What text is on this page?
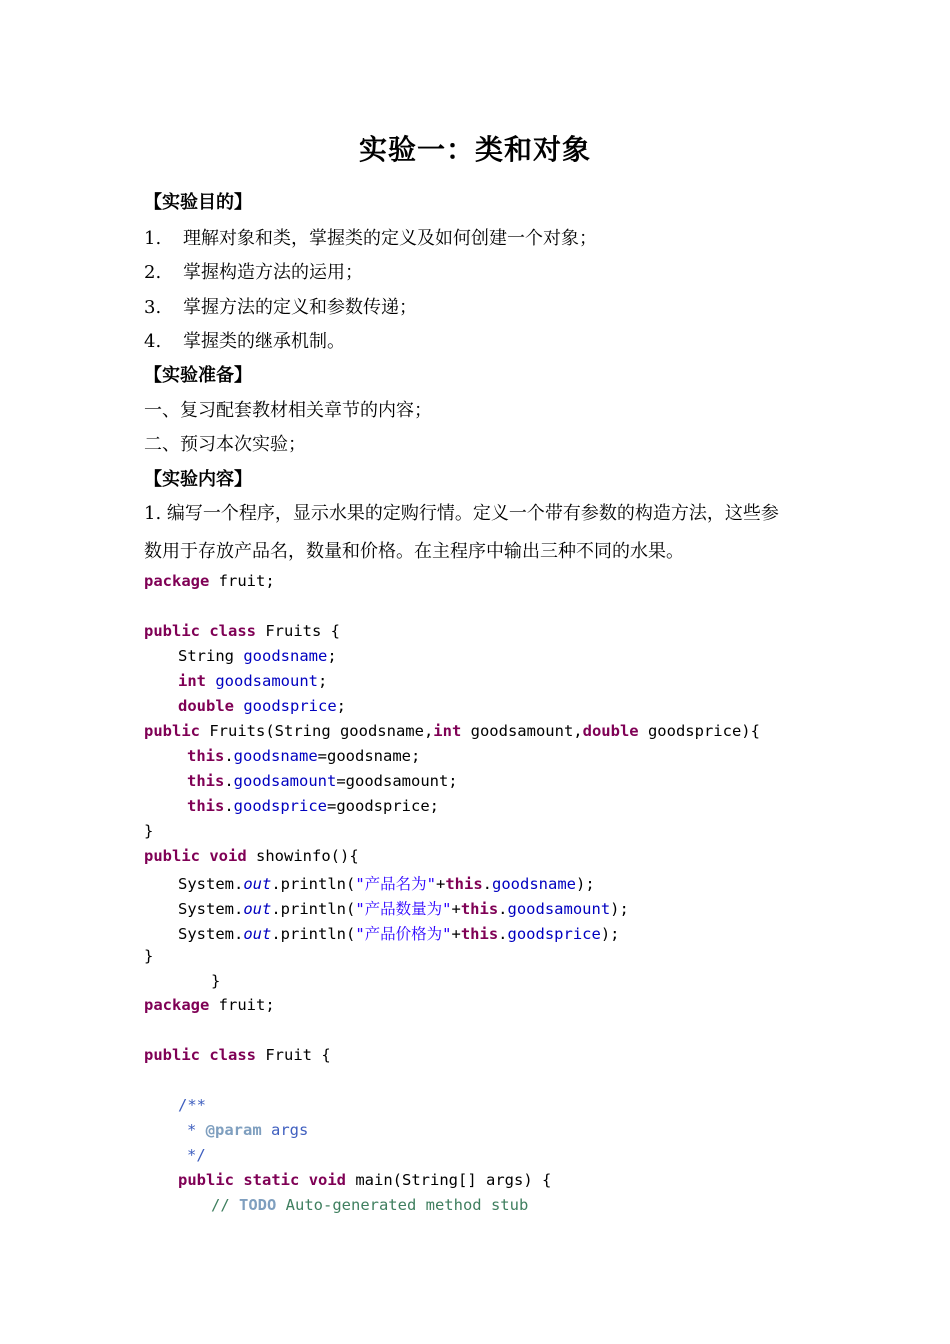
实验一：类和对象
【实验目的】
1. 理解对象和类，掌握类的定义及如何创建一个对象；
2. 掌握构造方法的运用；
3. 掌握方法的定义和参数传递；
4. 掌握类的继承机制。
【实验准备】
一、复习配套教材相关章节的内容；
二、预习本次实验；
【实验内容】
1. 编写一个程序，显示水果的定购行情。定义一个带有参数的构造方法，这些参
数用于存放产品名，数量和价格。在主程序中输出三种不同的水果。
package fruit;
public class Fruits {
String goodsname;
int goodsamount;
double goodsprice;
public Fruits(String goodsname,int goodsamount,double goodsprice){
this.goodsname=goodsname;
this.goodsamount=goodsamount;
this.goodsprice=goodsprice;
}
public void showinfo(){
System.out.println("产品名为"+this.goodsname);
System.out.println("产品数量为"+this.goodsamount);
System.out.println("产品价格为"+this.goodsprice);
}
}
package fruit;
public class Fruit {
/**
* @param args
*/
public static void main(String[] args) {
// TODO Auto-generated method stub
